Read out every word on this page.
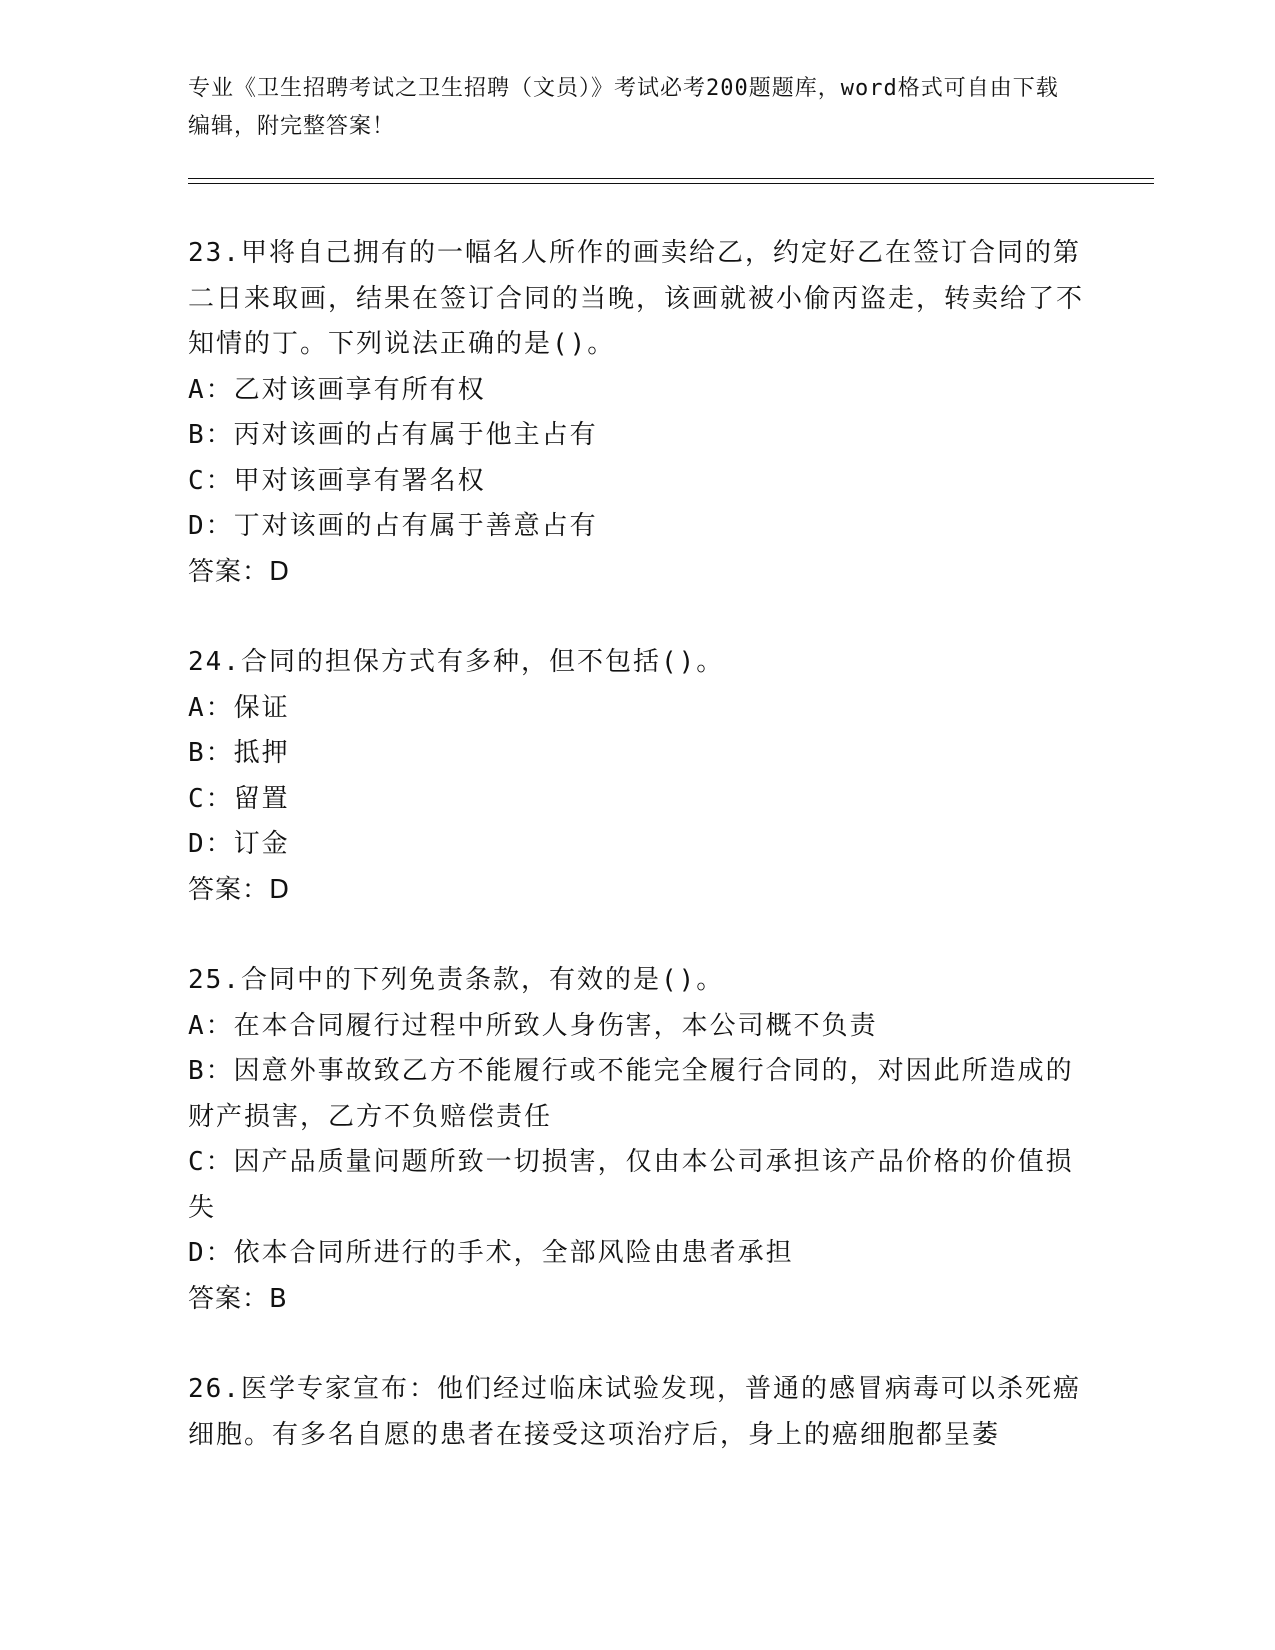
专业《卫生招聘考试之卫生招聘（文员）》考试必考200题题库，word格式可自由下载编辑，附完整答案！
23.甲将自己拥有的一幅名人所作的画卖给乙，约定好乙在签订合同的第二日来取画，结果在签订合同的当晚，该画就被小偷丙盗走，转卖给了不知情的丁。下列说法正确的是()。
A：乙对该画享有所有权
B：丙对该画的占有属于他主占有
C：甲对该画享有署名权
D：丁对该画的占有属于善意占有
答案：D
24.合同的担保方式有多种，但不包括()。
A：保证
B：抵押
C：留置
D：订金
答案：D
25.合同中的下列免责条款，有效的是()。
A：在本合同履行过程中所致人身伤害，本公司概不负责
B：因意外事故致乙方不能履行或不能完全履行合同的，对因此所造成的财产损害，乙方不负赔偿责任
C：因产品质量问题所致一切损害，仅由本公司承担该产品价格的价值损失
D：依本合同所进行的手术，全部风险由患者承担
答案：B
26.医学专家宣布：他们经过临床试验发现，普通的感冒病毒可以杀死癌细胞。有多名自愿的患者在接受这项治疗后，身上的癌细胞都呈萎
